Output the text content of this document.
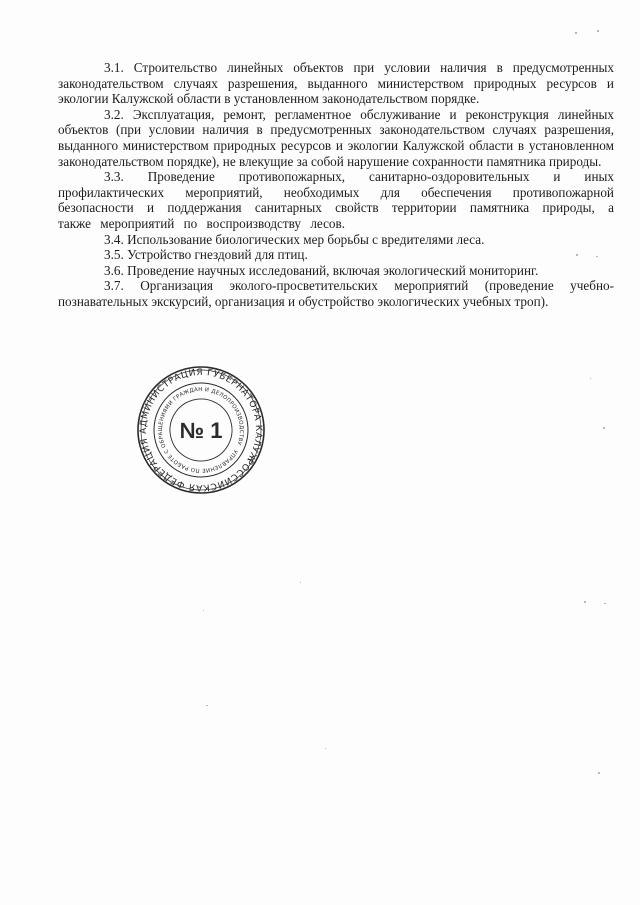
3.1. Строительство линейных объектов при условии наличия в предусмотренных законодательством случаях разрешения, выданного министерством природных ресурсов и экологии Калужской области в установленном законодательством порядке.

3.2. Эксплуатация, ремонт, регламентное обслуживание и реконструкция линейных объектов (при условии наличия в предусмотренных законодательством случаях разрешения, выданного министерством природных ресурсов и экологии Калужской области в установленном законодательством порядке), не влекущие за собой нарушение сохранности памятника природы.

3.3. Проведение противопожарных, санитарно-оздоровительных и иных профилактических мероприятий, необходимых для обеспечения противопожарной безопасности и поддержания санитарных свойств территории памятника природы, а также мероприятий по воспроизводству лесов.

3.4. Использование биологических мер борьбы с вредителями леса.

3.5. Устройство гнездовий для птиц.

3.6. Проведение научных исследований, включая экологический мониторинг.

3.7. Организация эколого-просветительских мероприятий (проведение учебно-познавательных экскурсий, организация и обустройство экологических учебных троп).

РОССИЙСКАЯ ФЕДЕРАЦИЯ АДМИНИСТРАЦИЯ ГУБЕРНАТОРА КАЛУЖСКОЙ
УПРАВЛЕНИЕ ПО РАБОТЕ С ОБРАЩЕНИЯМИ ГРАЖДАН И ДЕЛОПРОИЗВОДСТВУ
№ 1
